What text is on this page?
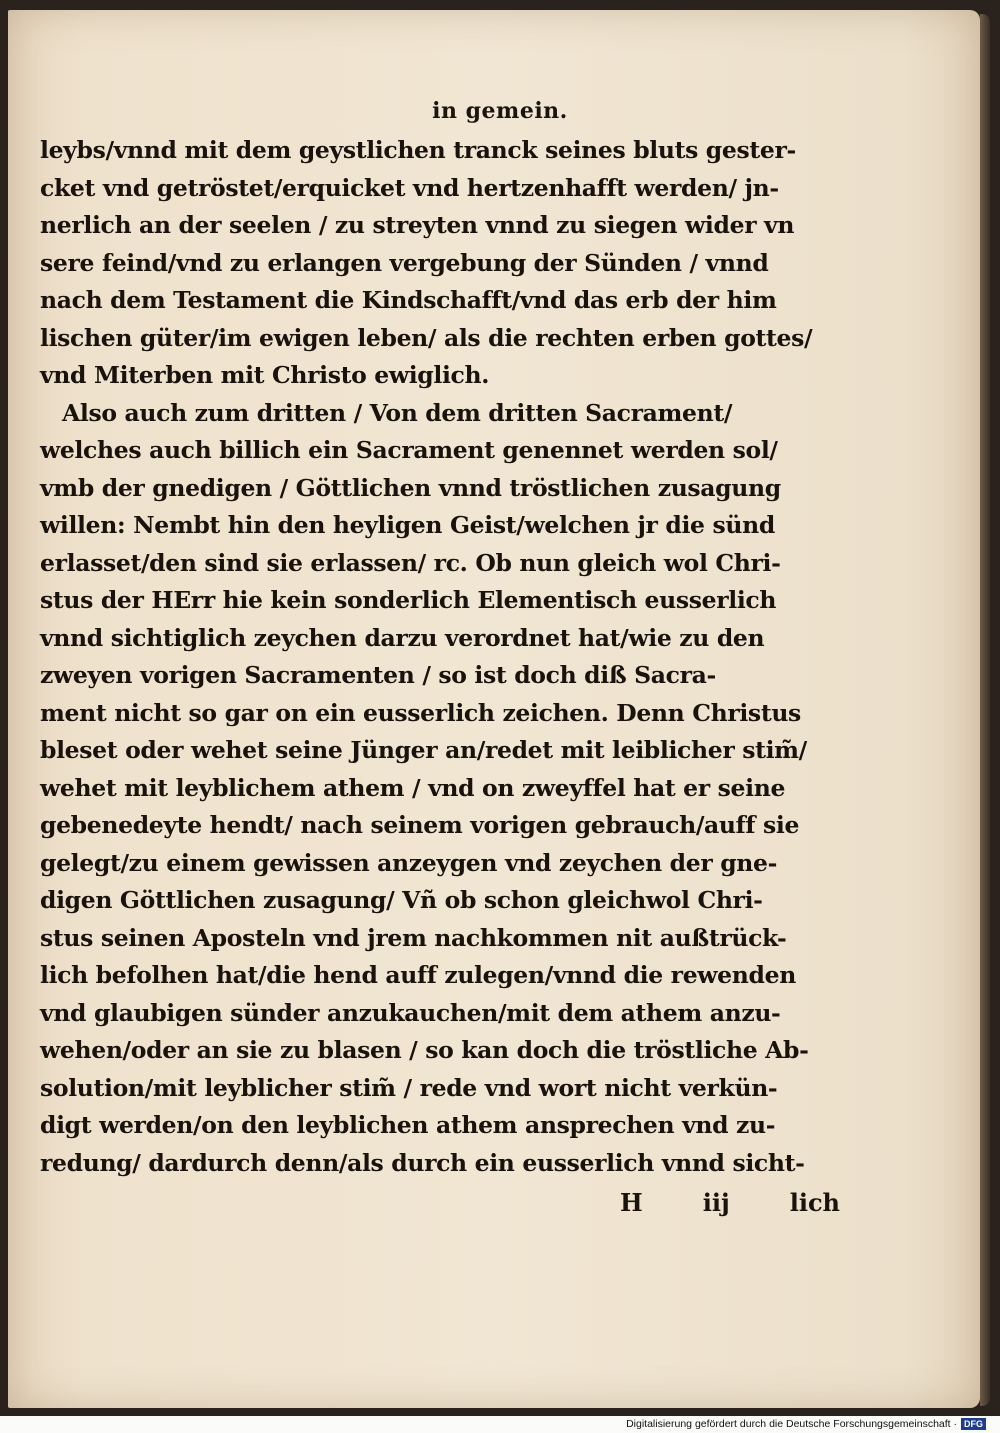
in gemein.
leybs/vnnd mit dem geystlichen tranck seines bluts gester-
cket vnd getröstet/erquicket vnd hertzenhafft werden/ jn-
nerlich an der seelen / zu streyten vnnd zu siegen wider vn
sere feind/vnd zu erlangen vergebung der Sünden / vnnd
nach dem Testament die Kindschafft/vnd das erb der him
lischen güter/im ewigen leben/ als die rechten erben gottes/
vnd Miterben mit Christo ewiglich.
Also auch zum dritten / Von dem dritten Sacrament/
welches auch billich ein Sacrament genennet werden sol/
vmb der gnedigen / Göttlichen vnnd tröstlichen zusagung
willen: Nembt hin den heyligen Geist/welchen jr die sünd
erlasset/den sind sie erlassen/ rc. Ob nun gleich wol Chri-
stus der HErr hie kein sonderlich Elementisch eusserlich
vnnd sichtiglich zeychen darzu verordnet hat/wie zu den
zweyen vorigen Sacramenten / so ist doch diß Sacra-
ment nicht so gar on ein eusserlich zeichen. Denn Christus
bleset oder wehet seine Jünger an/redet mit leiblicher stim̃/
wehet mit leyblichem athem / vnd on zweyffel hat er seine
gebenedeyte hendt/ nach seinem vorigen gebrauch/auff sie
gelegt/zu einem gewissen anzeygen vnd zeychen der gne-
digen Göttlichen zusagung/ Vñ ob schon gleichwol Chri-
stus seinen Aposteln vnd jrem nachkommen nit außtrück-
lich befolhen hat/die hend auff zulegen/vnnd die rewenden
vnd glaubigen sünder anzukauchen/mit dem athem anzu-
wehen/oder an sie zu blasen / so kan doch die tröstliche Ab-
solution/mit leyblicher stim̃ / rede vnd wort nicht verkün-
digt werden/on den leyblichen athem ansprechen vnd zu-
redung/ dardurch denn/als durch ein eusserlich vnnd sicht-
H	iij	lich
Digitalisierung gefördert durch die Deutsche Forschungsgemeinschaft · DFG
